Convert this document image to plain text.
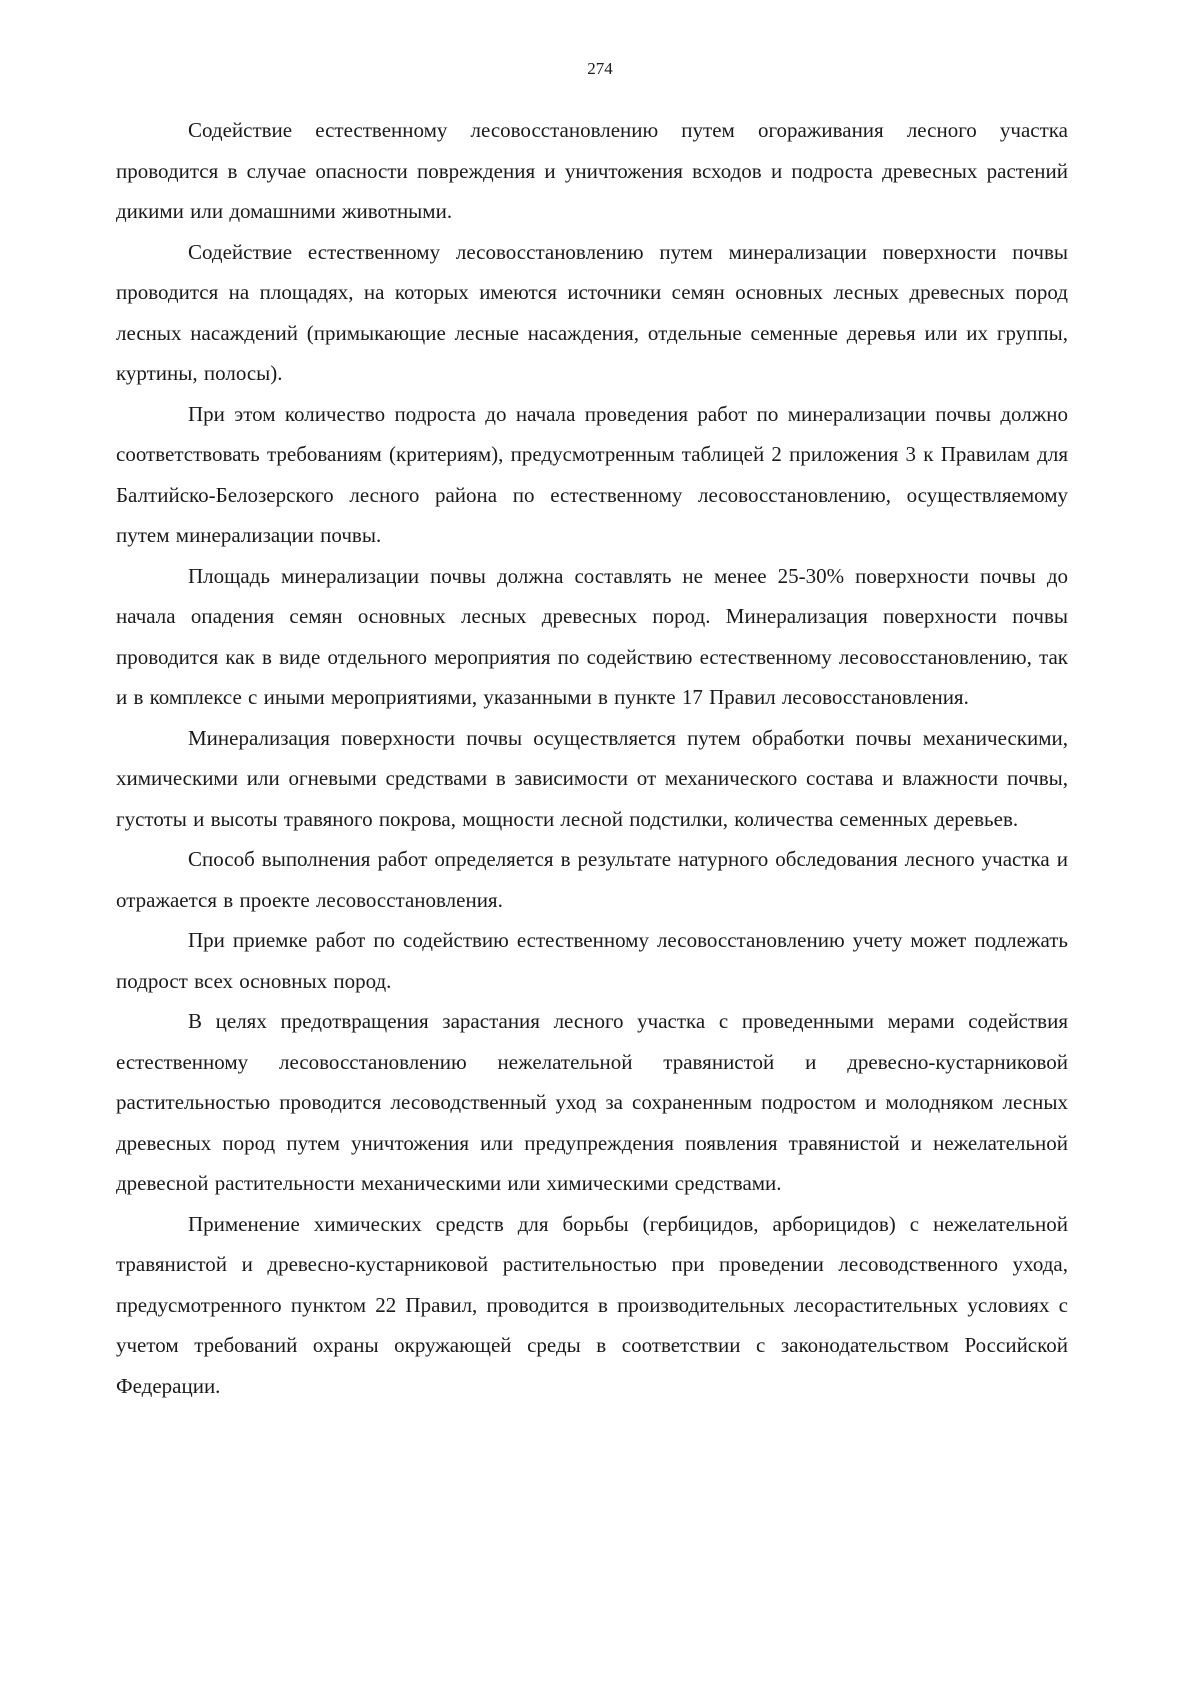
274

Содействие естественному лесовосстановлению путем огораживания лесного участка проводится в случае опасности повреждения и уничтожения всходов и подроста древесных растений дикими или домашними животными.

Содействие естественному лесовосстановлению путем минерализации поверхности почвы проводится на площадях, на которых имеются источники семян основных лесных древесных пород лесных насаждений (примыкающие лесные насаждения, отдельные семенные деревья или их группы, куртины, полосы).

При этом количество подроста до начала проведения работ по минерализации почвы должно соответствовать требованиям (критериям), предусмотренным таблицей 2 приложения 3 к Правилам для Балтийско-Белозерского лесного района по естественному лесовосстановлению, осуществляемому путем минерализации почвы.

Площадь минерализации почвы должна составлять не менее 25-30% поверхности почвы до начала опадения семян основных лесных древесных пород. Минерализация поверхности почвы проводится как в виде отдельного мероприятия по содействию естественному лесовосстановлению, так и в комплексе с иными мероприятиями, указанными в пункте 17 Правил лесовосстановления.

Минерализация поверхности почвы осуществляется путем обработки почвы механическими, химическими или огневыми средствами в зависимости от механического состава и влажности почвы, густоты и высоты травяного покрова, мощности лесной подстилки, количества семенных деревьев.

Способ выполнения работ определяется в результате натурного обследования лесного участка и отражается в проекте лесовосстановления.

При приемке работ по содействию естественному лесовосстановлению учету может подлежать подрост всех основных пород.

В целях предотвращения зарастания лесного участка с проведенными мерами содействия естественному лесовосстановлению нежелательной травянистой и древесно-кустарниковой растительностью проводится лесоводственный уход за сохраненным подростом и молодняком лесных древесных пород путем уничтожения или предупреждения появления травянистой и нежелательной древесной растительности механическими или химическими средствами.

Применение химических средств для борьбы (гербицидов, арборицидов) с нежелательной травянистой и древесно-кустарниковой растительностью при проведении лесоводственного ухода, предусмотренного пунктом 22 Правил, проводится в производительных лесорастительных условиях с учетом требований охраны окружающей среды в соответствии с законодательством Российской Федерации.
